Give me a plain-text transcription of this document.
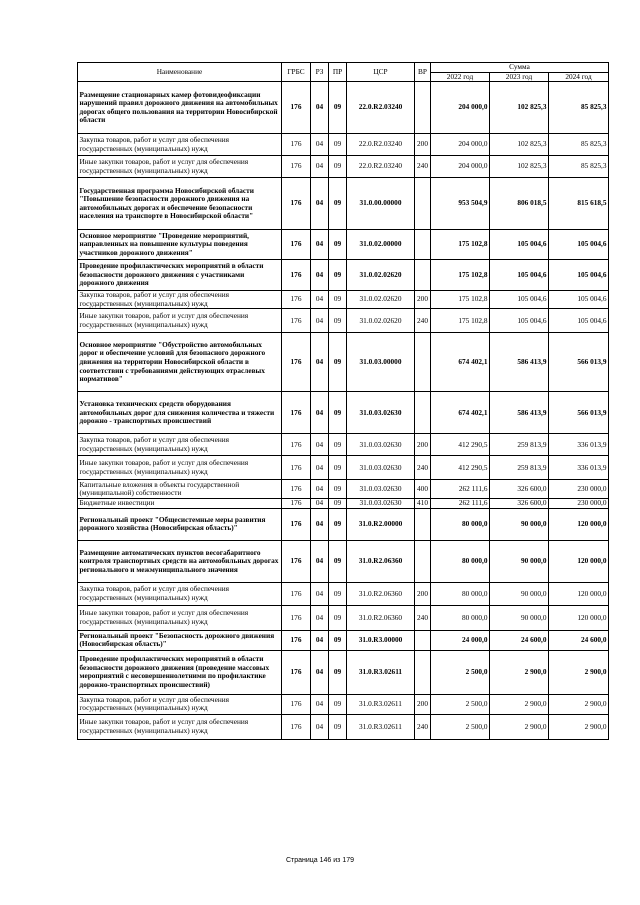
Наименование	ГРБС	РЗ	ПР	ЦСР	ВР	Сумма		
						2022 год	2023 год	2024 год
Размещение стационарных камер фотовидеофиксации нарушений правил дорожного движения на автомобильных дорогах общего пользования на территории Новосибирской области	176	04	09	22.0.R2.03240		204 000,0	102 825,3	85 825,3
Закупка товаров, работ и услуг для обеспечения государственных (муниципальных) нужд	176	04	09	22.0.R2.03240	200	204 000,0	102 825,3	85 825,3
Иные закупки товаров, работ и услуг для обеспечения государственных (муниципальных) нужд	176	04	09	22.0.R2.03240	240	204 000,0	102 825,3	85 825,3
Государственная программа Новосибирской области "Повышение безопасности дорожного движения на автомобильных дорогах и обеспечение безопасности населения на транспорте в Новосибирской области"	176	04	09	31.0.00.00000		953 504,9	806 018,5	815 618,5
Основное мероприятие "Проведение мероприятий, направленных на повышение культуры поведения участников дорожного движения"	176	04	09	31.0.02.00000		175 102,8	105 004,6	105 004,6
Проведение профилактических мероприятий в области безопасности дорожного движения с участниками дорожного движения	176	04	09	31.0.02.02620		175 102,8	105 004,6	105 004,6
Закупка товаров, работ и услуг для обеспечения государственных (муниципальных) нужд	176	04	09	31.0.02.02620	200	175 102,8	105 004,6	105 004,6
Иные закупки товаров, работ и услуг для обеспечения государственных (муниципальных) нужд	176	04	09	31.0.02.02620	240	175 102,8	105 004,6	105 004,6
Основное мероприятие "Обустройство автомобильных дорог и обеспечение условий для безопасного дорожного движения на территории Новосибирской области в соответствии с требованиями действующих отраслевых нормативов"	176	04	09	31.0.03.00000		674 402,1	586 413,9	566 013,9
Установка технических средств оборудования автомобильных дорог для снижения количества и тяжести дорожно - транспортных происшествий	176	04	09	31.0.03.02630		674 402,1	586 413,9	566 013,9
Закупка товаров, работ и услуг для обеспечения государственных (муниципальных) нужд	176	04	09	31.0.03.02630	200	412 290,5	259 813,9	336 013,9
Иные закупки товаров, работ и услуг для обеспечения государственных (муниципальных) нужд	176	04	09	31.0.03.02630	240	412 290,5	259 813,9	336 013,9
Капитальные вложения в объекты государственной (муниципальной) собственности	176	04	09	31.0.03.02630	400	262 111,6	326 600,0	230 000,0
Бюджетные инвестиции	176	04	09	31.0.03.02630	410	262 111,6	326 600,0	230 000,0
Региональный проект "Общесистемные меры развития дорожного хозяйства (Новосибирская область)"	176	04	09	31.0.R2.00000		80 000,0	90 000,0	120 000,0
Размещение автоматических пунктов весогабаритного контроля транспортных средств на автомобильных дорогах регионального и межмуниципального значения	176	04	09	31.0.R2.06360		80 000,0	90 000,0	120 000,0
Закупка товаров, работ и услуг для обеспечения государственных (муниципальных) нужд	176	04	09	31.0.R2.06360	200	80 000,0	90 000,0	120 000,0
Иные закупки товаров, работ и услуг для обеспечения государственных (муниципальных) нужд	176	04	09	31.0.R2.06360	240	80 000,0	90 000,0	120 000,0
Региональный проект "Безопасность дорожного движения (Новосибирская область)"	176	04	09	31.0.R3.00000		24 000,0	24 600,0	24 600,0
Проведение профилактических мероприятий в области безопасности дорожного движения (проведение массовых мероприятий с несовершеннолетними по профилактике дорожно-транспортных происшествий)	176	04	09	31.0.R3.02611		2 500,0	2 900,0	2 900,0
Закупка товаров, работ и услуг для обеспечения государственных (муниципальных) нужд	176	04	09	31.0.R3.02611	200	2 500,0	2 900,0	2 900,0
Иные закупки товаров, работ и услуг для обеспечения государственных (муниципальных) нужд	176	04	09	31.0.R3.02611	240	2 500,0	2 900,0	2 900,0
Страница 146 из 179
